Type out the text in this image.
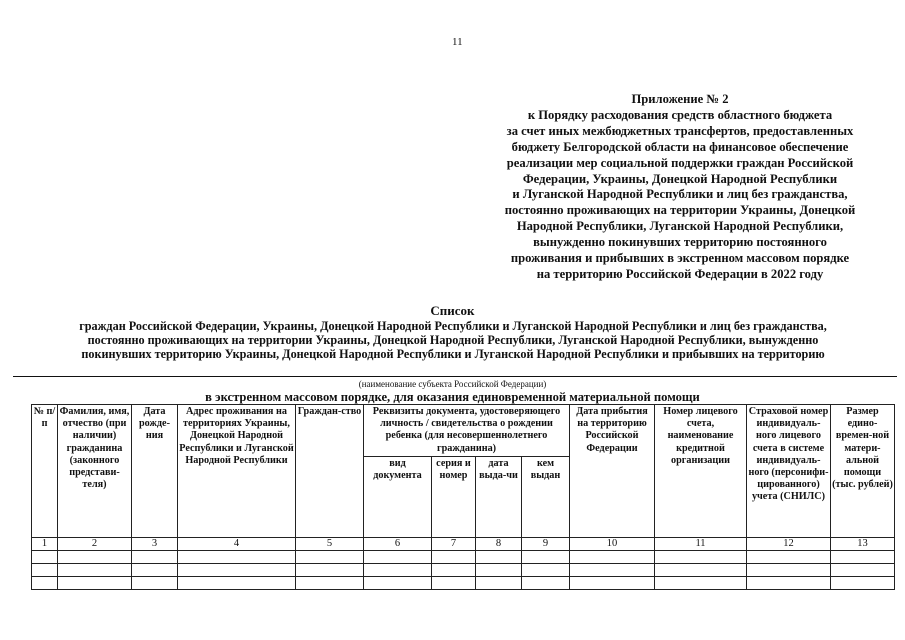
11
Приложение № 2
к Порядку расходования средств областного бюджета
за счет иных межбюджетных трансфертов, предоставленных
бюджету Белгородской области на финансовое обеспечение
реализации мер социальной поддержки граждан Российской
Федерации, Украины, Донецкой Народной Республики
и Луганской Народной Республики и лиц без гражданства,
постоянно проживающих на территории Украины, Донецкой
Народной Республики, Луганской Народной Республики,
вынужденно покинувших территорию постоянного
проживания и прибывших в экстренном массовом порядке
на территорию Российской Федерации в 2022 году
Список
граждан Российской Федерации, Украины, Донецкой Народной Республики и Луганской Народной Республики и лиц без гражданства,
постоянно проживающих на территории Украины, Донецкой Народной Республики, Луганской Народной Республики, вынужденно
покинувших территорию Украины, Донецкой Народной Республики и Луганской Народной Республики и прибывших на территорию
(наименование субъекта Российской Федерации)
в экстренном массовом порядке, для оказания единовременной материальной помощи
№ п/п	Фамилия, имя, отчество (при наличии) гражданина (законного представи-теля)	Дата рожде-ния	Адрес проживания на территориях Украины, Донецкой Народной Республики и Луганской Народной Республики	Граждан-ство	Реквизиты документа, удостоверяющего личность / свидетельства о рождении ребенка (для несовершеннолетнего гражданина)				Дата прибытия на территорию Российской Федерации	Номер лицевого счета, наименование кредитной организации	Страховой номер индивидуаль-ного лицевого счета в системе индивидуаль-ного (персонифи-цированного) учета (СНИЛС)	Размер едино-времен-ной матери-альной помощи (тыс. рублей)
					вид документа	серия и номер	дата выда-чи	кем выдан				
1	2	3	4	5	6	7	8	9	10	11	12	13
